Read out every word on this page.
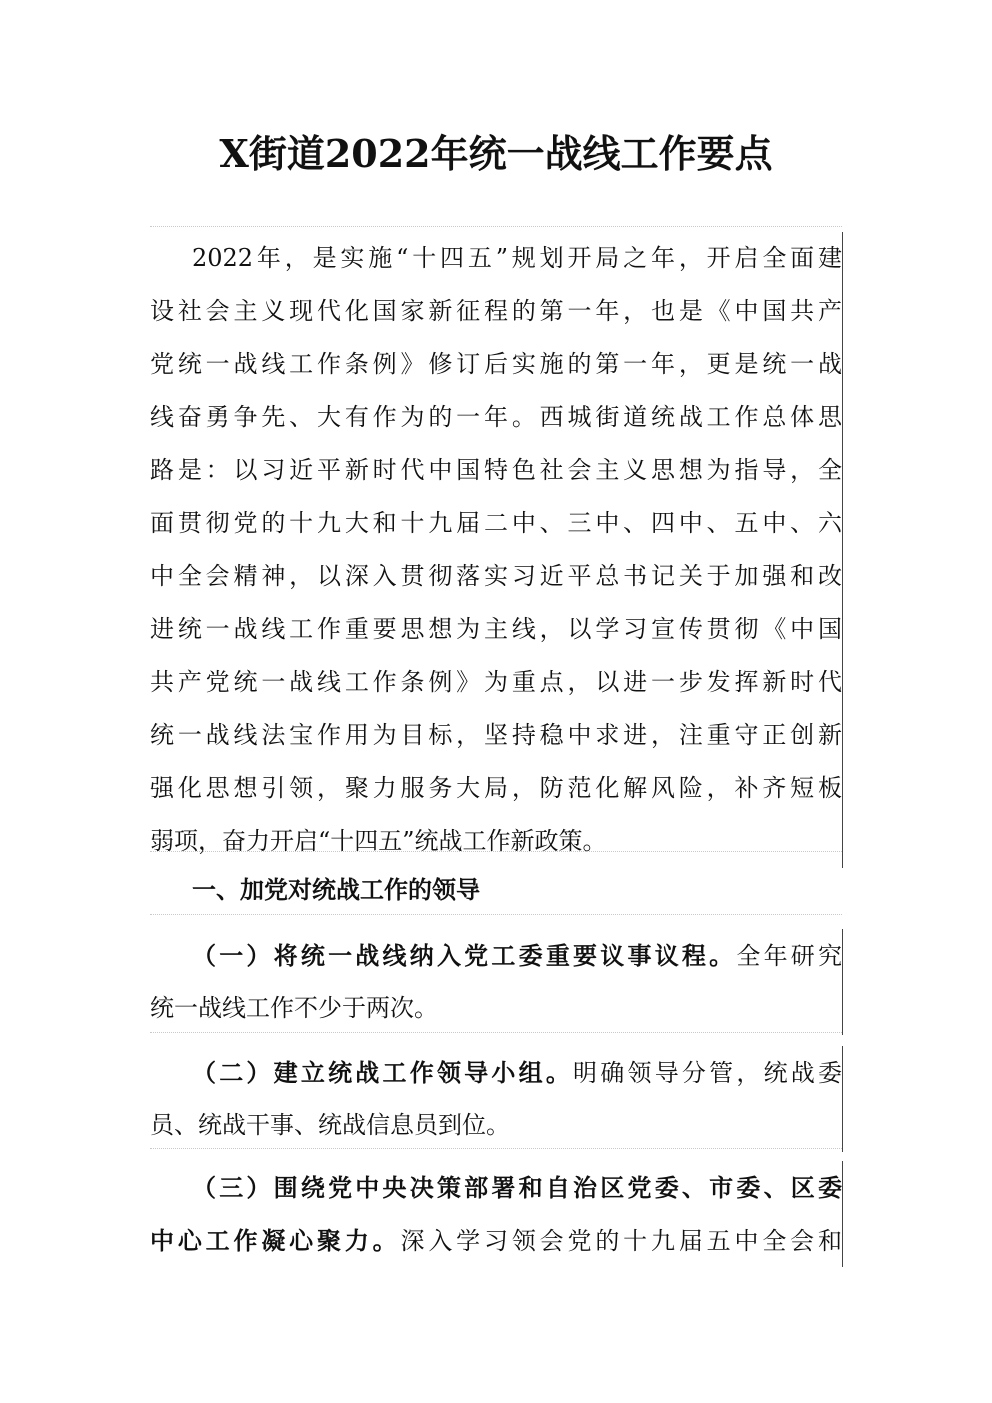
X街道2022年统一战线工作要点
2022年，是实施“十四五”规划开局之年，开启全面建
设社会主义现代化国家新征程的第一年，也是《中国共产
党统一战线工作条例》修订后实施的第一年，更是统一战
线奋勇争先、大有作为的一年。西城街道统战工作总体思
路是：以习近平新时代中国特色社会主义思想为指导，全
面贯彻党的十九大和十九届二中、三中、四中、五中、六
中全会精神，以深入贯彻落实习近平总书记关于加强和改
进统一战线工作重要思想为主线，以学习宣传贯彻《中国
共产党统一战线工作条例》为重点，以进一步发挥新时代
统一战线法宝作用为目标，坚持稳中求进，注重守正创新
强化思想引领，聚力服务大局，防范化解风险，补齐短板
弱项，奋力开启“十四五”统战工作新政策。
一、加党对统战工作的领导
（一）将统一战线纳入党工委重要议事议程。全年研究
统一战线工作不少于两次。
（二）建立统战工作领导小组。明确领导分管，统战委
员、统战干事、统战信息员到位。
（三）围绕党中央决策部署和自治区党委、市委、区委
中心工作凝心聚力。深入学习领会党的十九届五中全会和
